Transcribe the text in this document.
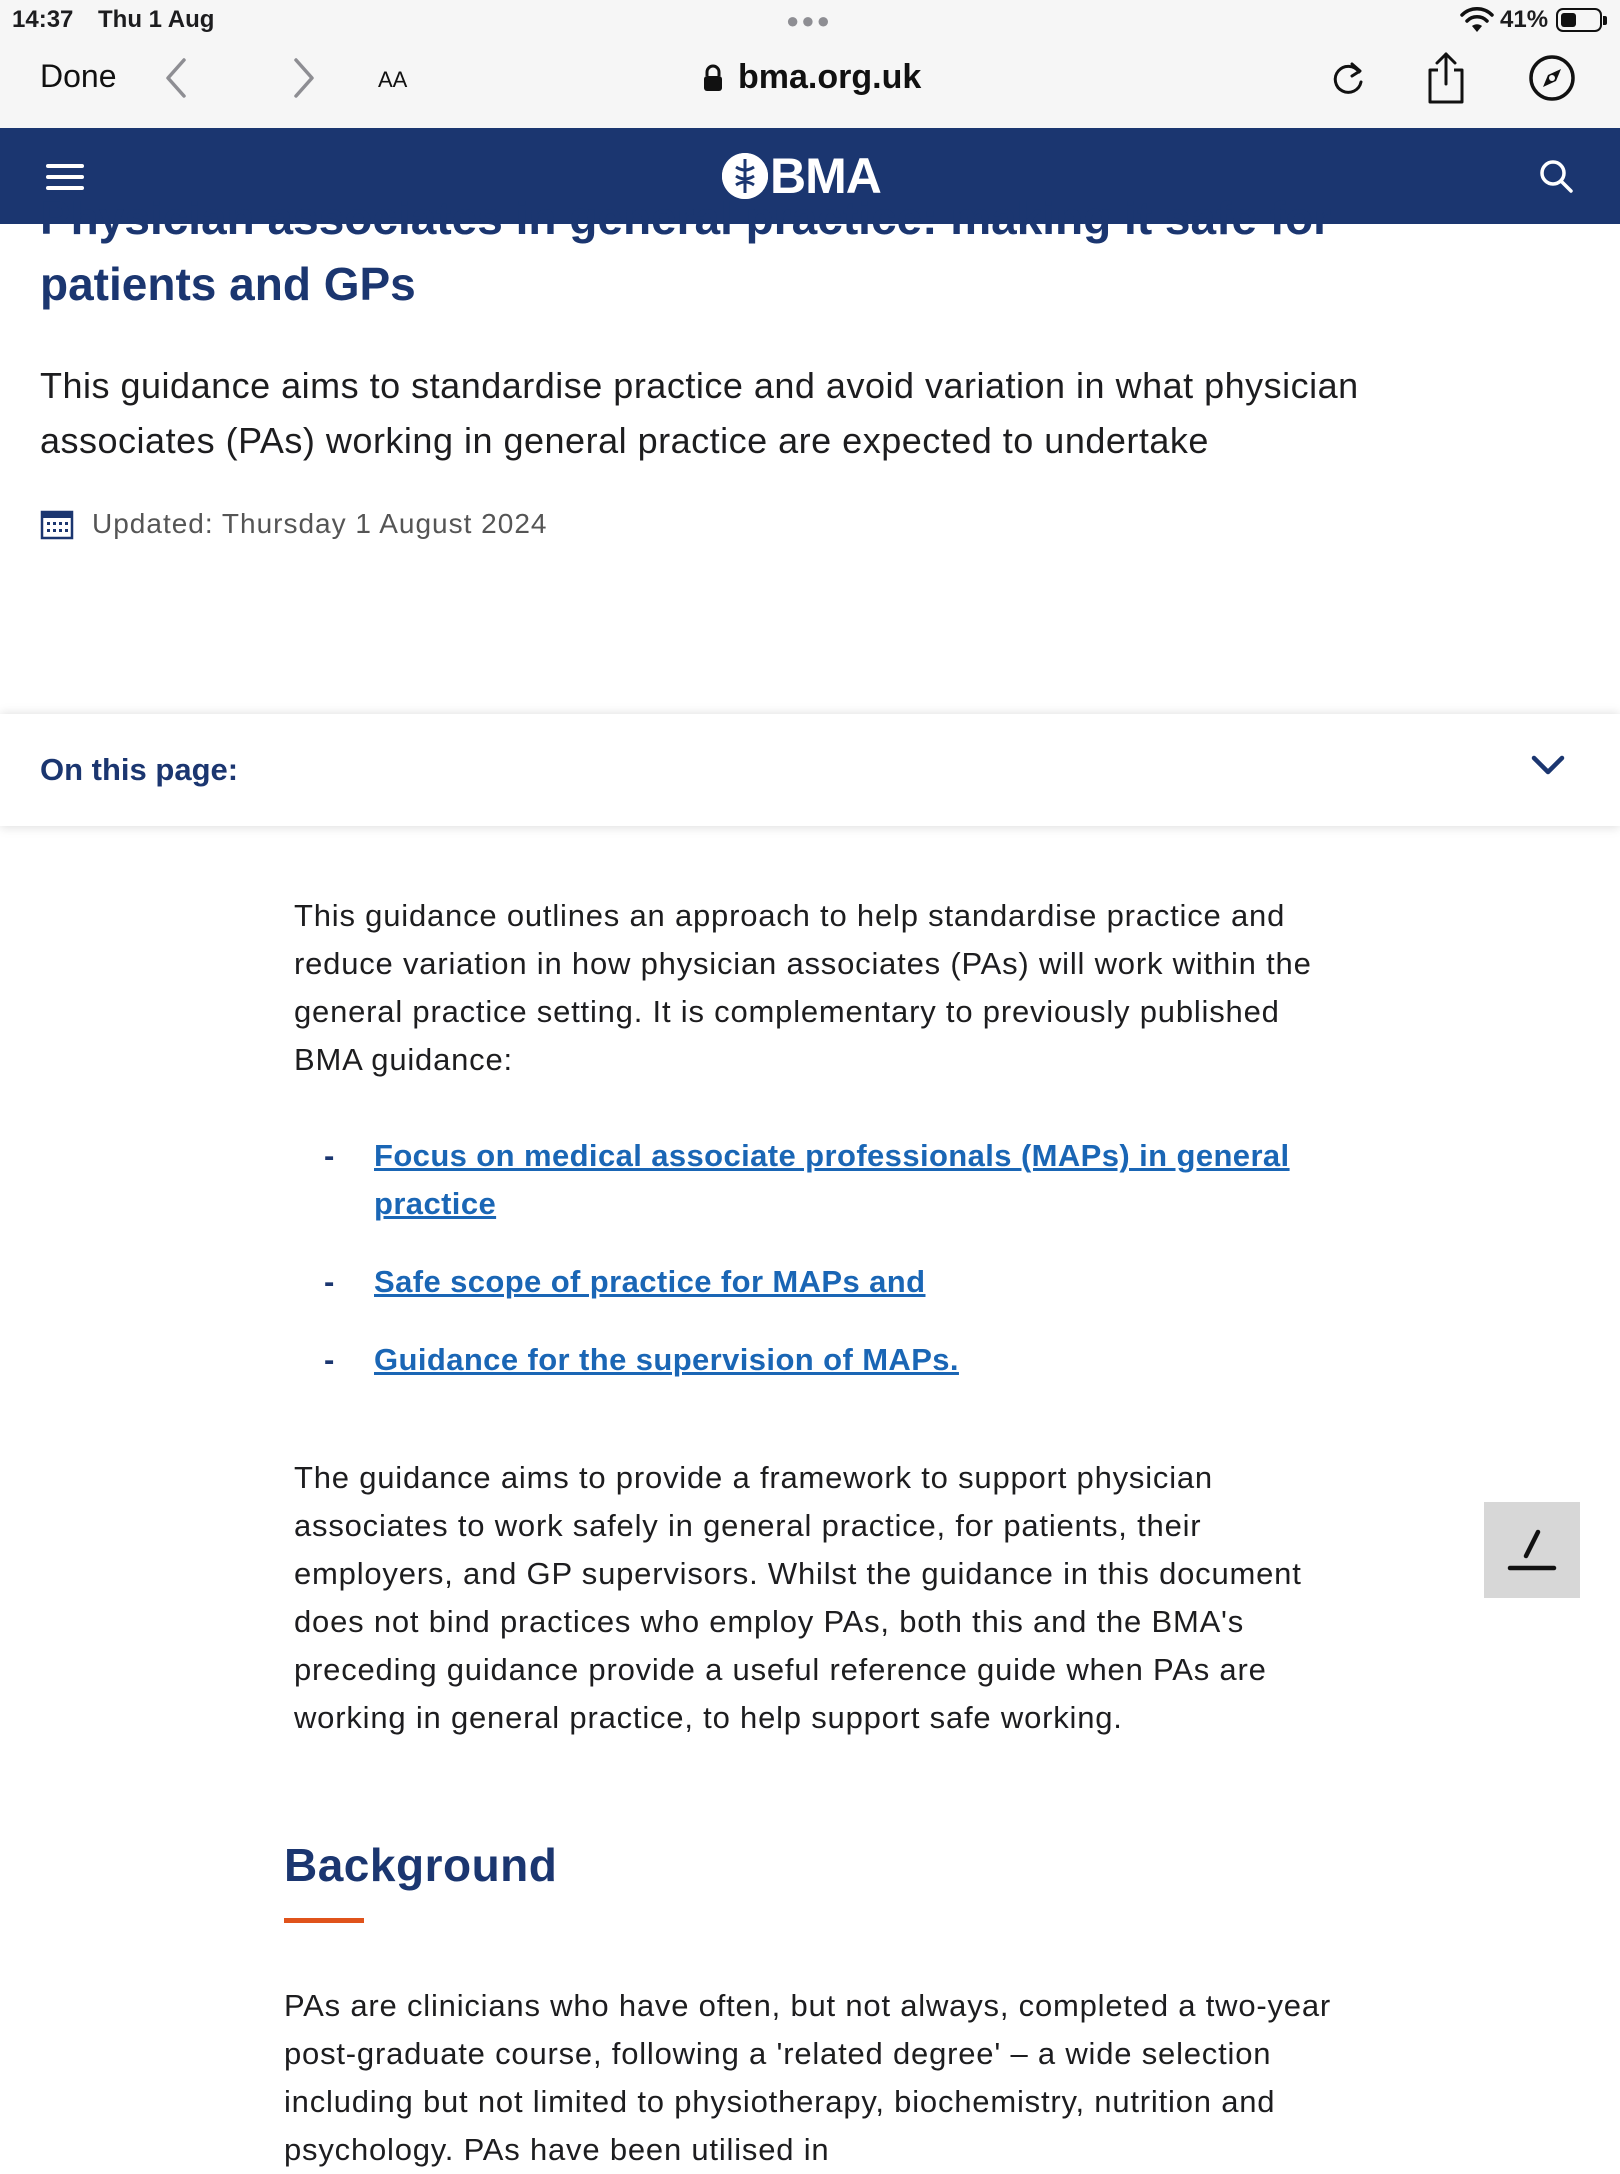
14:37 Thu 1 Aug	●●●	41%
Done	AA	bma.org.uk
BMA
Physician associates in general practice: making it safe for
patients and GPs
This guidance aims to standardise practice and avoid variation in what physician associates (PAs) working in general practice are expected to undertake
Updated: Thursday 1 August 2024
On this page:
This guidance outlines an approach to help standardise practice and reduce variation in how physician associates (PAs) will work within the general practice setting. It is complementary to previously published BMA guidance:
- Focus on medical associate professionals (MAPs) in general practice
- Safe scope of practice for MAPs and
- Guidance for the supervision of MAPs.
The guidance aims to provide a framework to support physician associates to work safely in general practice, for patients, their employers, and GP supervisors. Whilst the guidance in this document does not bind practices who employ PAs, both this and the BMA's preceding guidance provide a useful reference guide when PAs are working in general practice, to help support safe working.
Background
PAs are clinicians who have often, but not always, completed a two-year post-graduate course, following a 'related degree' – a wide selection including but not limited to physiotherapy, biochemistry, nutrition and psychology. PAs have been utilised in
